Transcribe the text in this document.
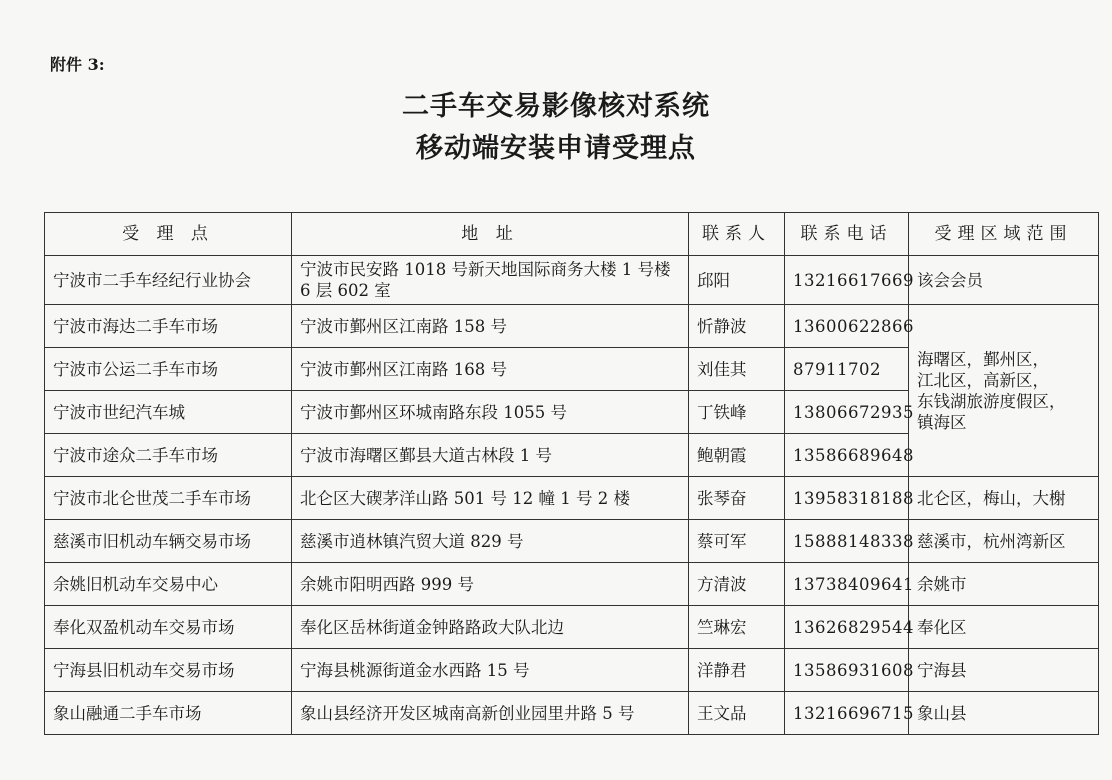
附件 3:
二手车交易影像核对系统
移动端安装申请受理点
受 理 点	地 址	联系人	联系电话	受理区域范围
宁波市二手车经纪行业协会	宁波市民安路 1018 号新天地国际商务大楼 1 号楼 6 层 602 室	邱阳	13216617669	该会会员
宁波市海达二手车市场	宁波市鄞州区江南路 158 号	忻静波	13600622866	海曙区，鄞州区，
江北区，高新区，
东钱湖旅游度假区，
镇海区

宁波市公运二手车市场	宁波市鄞州区江南路 168 号	刘佳其	87911702	
宁波市世纪汽车城	宁波市鄞州区环城南路东段 1055 号	丁铁峰	13806672935	
宁波市途众二手车市场	宁波市海曙区鄞县大道古林段 1 号	鲍朝霞	13586689648	
宁波市北仑世茂二手车市场	北仑区大碶茅洋山路 501 号 12 幢 1 号 2 楼	张琴奋	13958318188	北仑区，梅山，大榭
慈溪市旧机动车辆交易市场	慈溪市逍林镇汽贸大道 829 号	蔡可军	15888148338	慈溪市，杭州湾新区
余姚旧机动车交易中心	余姚市阳明西路 999 号	方清波	13738409641	余姚市
奉化双盈机动车交易市场	奉化区岳林街道金钟路路政大队北边	竺琳宏	13626829544	奉化区
宁海县旧机动车交易市场	宁海县桃源街道金水西路 15 号	洋静君	13586931608	宁海县
象山融通二手车市场	象山县经济开发区城南高新创业园里井路 5 号	王文品	13216696715	象山县
